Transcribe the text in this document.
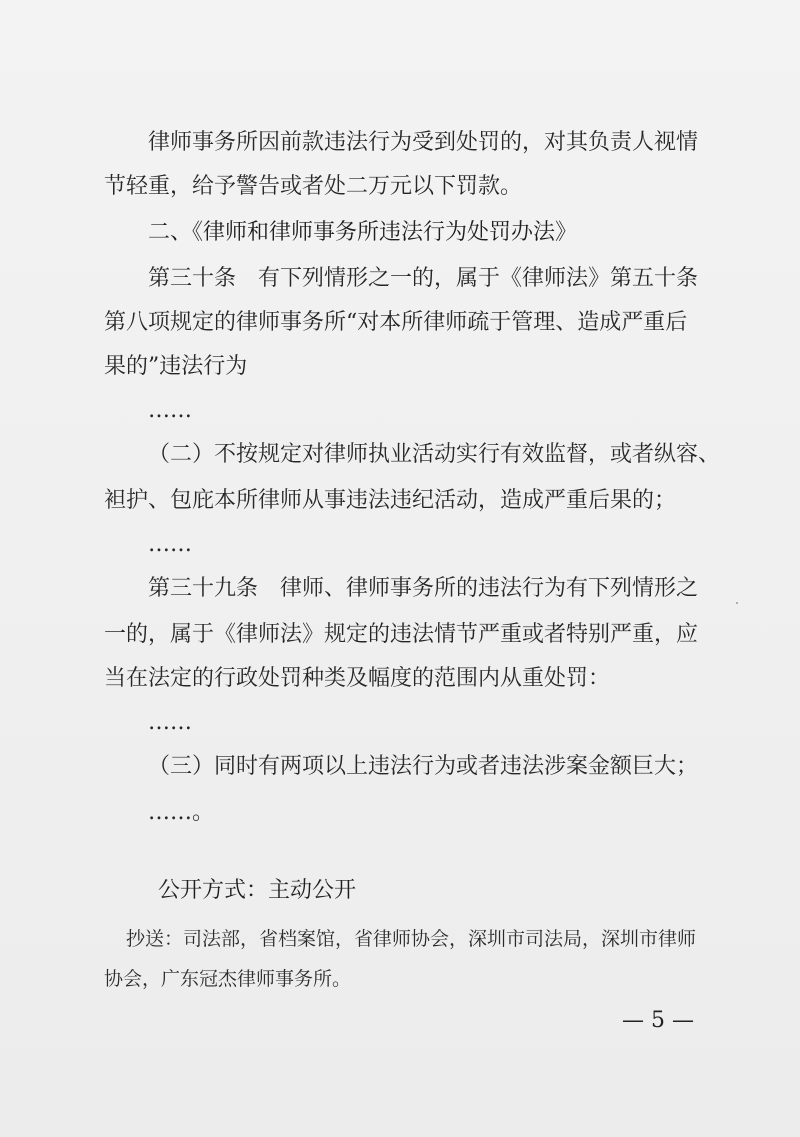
律师事务所因前款违法行为受到处罚的，对其负责人视情
节轻重，给予警告或者处二万元以下罚款。
二、《律师和律师事务所违法行为处罚办法》
第三十条　有下列情形之一的，属于《律师法》第五十条
第八项规定的律师事务所“对本所律师疏于管理、造成严重后
果的”违法行为
……
（二）不按规定对律师执业活动实行有效监督，或者纵容、
袒护、包庇本所律师从事违法违纪活动，造成严重后果的；
……
第三十九条　律师、律师事务所的违法行为有下列情形之
一的，属于《律师法》规定的违法情节严重或者特别严重，应
当在法定的行政处罚种类及幅度的范围内从重处罚：
……
（三）同时有两项以上违法行为或者违法涉案金额巨大；
……。
公开方式：主动公开
抄送：司法部，省档案馆，省律师协会，深圳市司法局，深圳市律师
协会，广东冠杰律师事务所。
— 5 —
